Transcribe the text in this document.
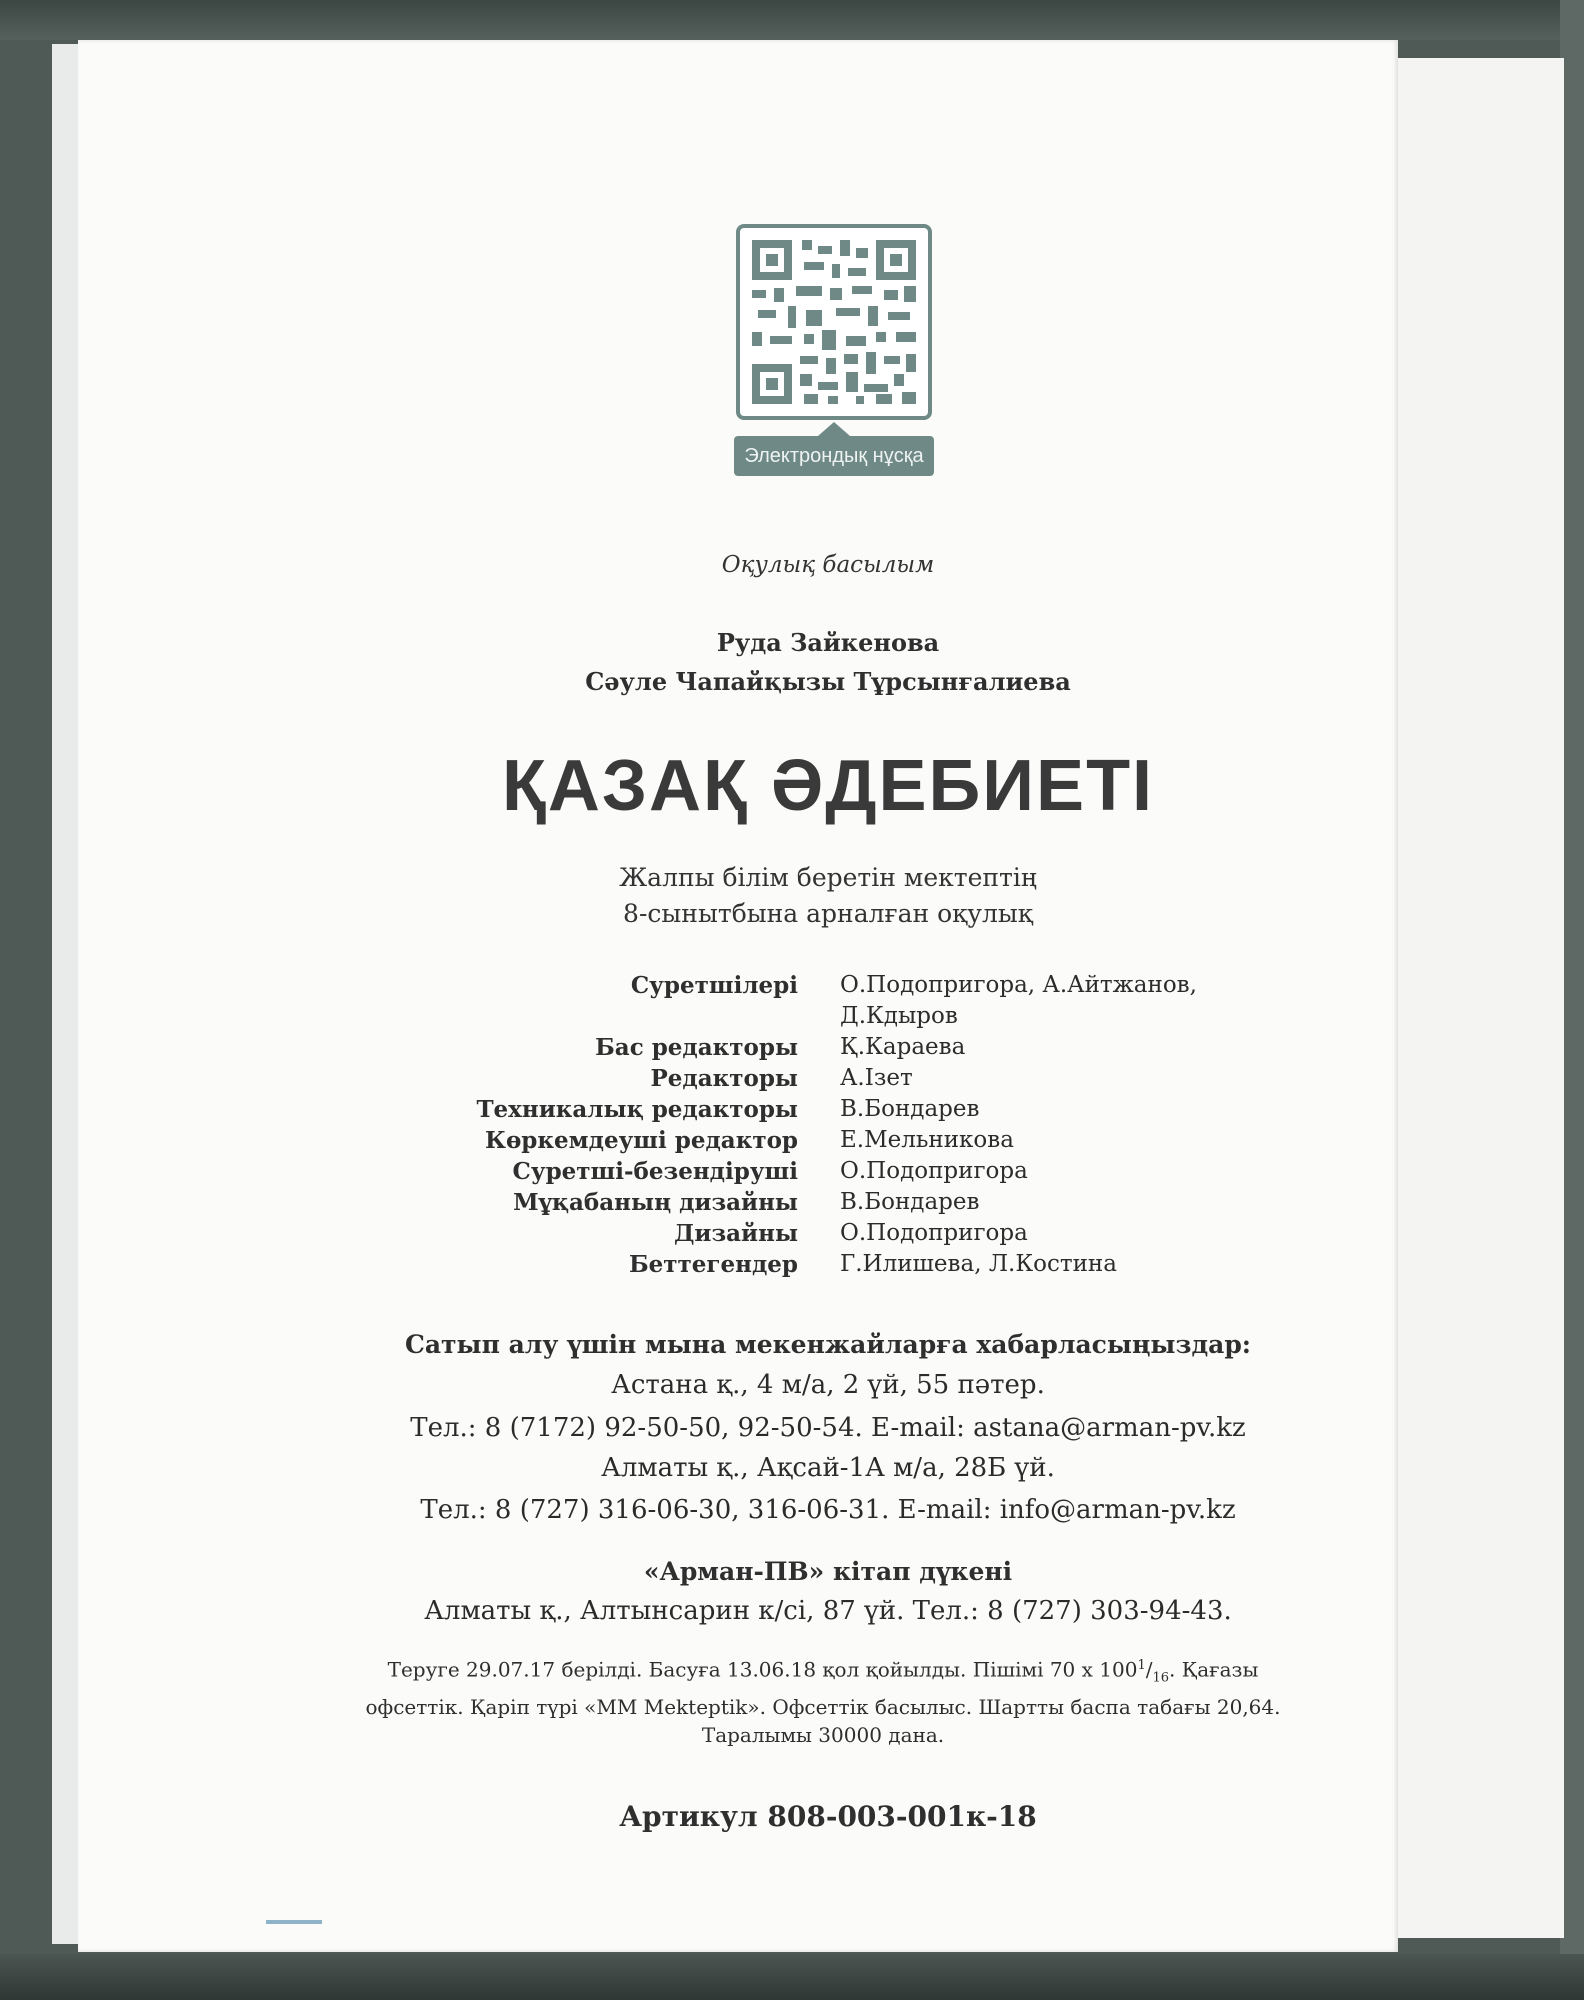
Электрондық нұсқа
Оқулық басылым
Руда Зайкенова
Сәуле Чапайқызы Тұрсынғалиева
ҚАЗАҚ ӘДЕБИЕТІ
Жалпы білім беретін мектептің
8-сынытбына арналған оқулық
Суретшілері	О.Подопригора, А.Айтжанов,
Д.Кдыров
Бас редакторы	Қ.Караева
Редакторы	А.Ізет
Техникалық редакторы	В.Бондарев
Көркемдеуші редактор	Е.Мельникова
Суретші-безендіруші	О.Подопригора
Мұқабаның дизайны	В.Бондарев
Дизайны	О.Подопригора
Беттегендер	Г.Илишева, Л.Костина
Сатып алу үшін мына мекенжайларға хабарласыңыздар:
Астана қ., 4 м/а, 2 үй, 55 пәтер.
Тел.: 8 (7172) 92-50-50, 92-50-54. E-mail: astana@arman-pv.kz
Алматы қ., Ақсай-1А м/а, 28Б үй.
Тел.: 8 (727) 316-06-30, 316-06-31. E-mail: info@arman-pv.kz
«Арман-ПВ» кітап дүкені
Алматы қ., Алтынсарин к/сі, 87 үй. Тел.: 8 (727) 303-94-43.
Теруге 29.07.17 берілді. Басуға 13.06.18 қол қойылды. Пішімі 70 х $100^1/_{16}$. Қағазы
офсеттік. Қаріп түрі «ММ Mekteptik». Офсеттік басылыс. Шартты баспа табағы 20,64.
Таралымы 30000 дана.
Артикул 808-003-001к-18
